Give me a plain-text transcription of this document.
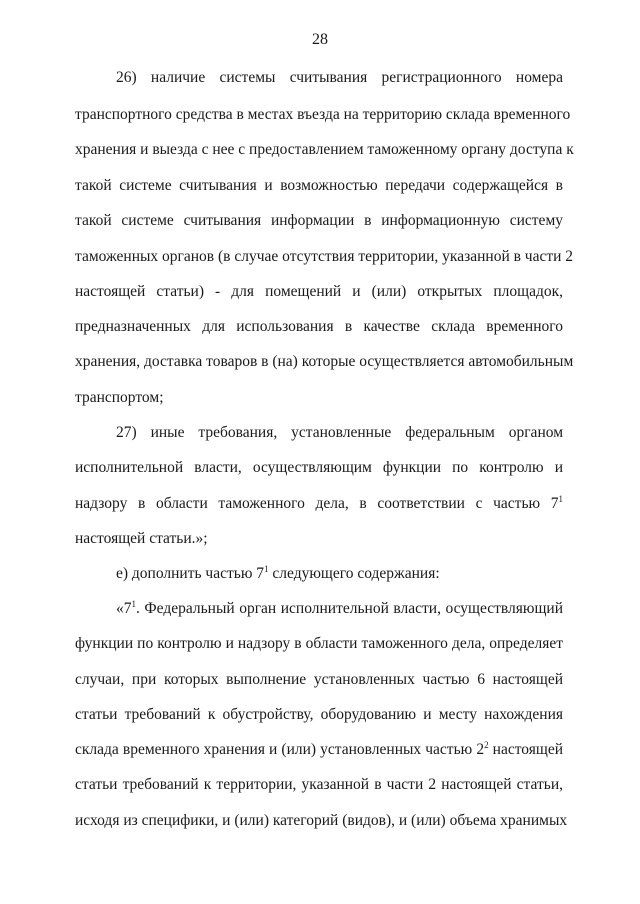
28
26) наличие системы считывания регистрационного номера
транспортного средства в местах въезда на территорию склада временного
хранения и выезда с нее с предоставлением таможенному органу доступа к
такой системе считывания и возможностью передачи содержащейся в
такой системе считывания информации в информационную систему
таможенных органов (в случае отсутствия территории, указанной в части 2
настоящей статьи) - для помещений и (или) открытых площадок,
предназначенных для использования в качестве склада временного
хранения, доставка товаров в (на) которые осуществляется автомобильным
транспортом;
27) иные требования, установленные федеральным органом
исполнительной власти, осуществляющим функции по контролю и
надзору в области таможенного дела, в соответствии с частью $7^1$
настоящей статьи.»;
е) дополнить частью $7^1$ следующего содержания:
«$7^1$. Федеральный орган исполнительной власти, осуществляющий
функции по контролю и надзору в области таможенного дела, определяет
случаи, при которых выполнение установленных частью 6 настоящей
статьи требований к обустройству, оборудованию и месту нахождения
склада временного хранения и (или) установленных частью $2^2$ настоящей
статьи требований к территории, указанной в части 2 настоящей статьи,
исходя из специфики, и (или) категорий (видов), и (или) объема хранимых
